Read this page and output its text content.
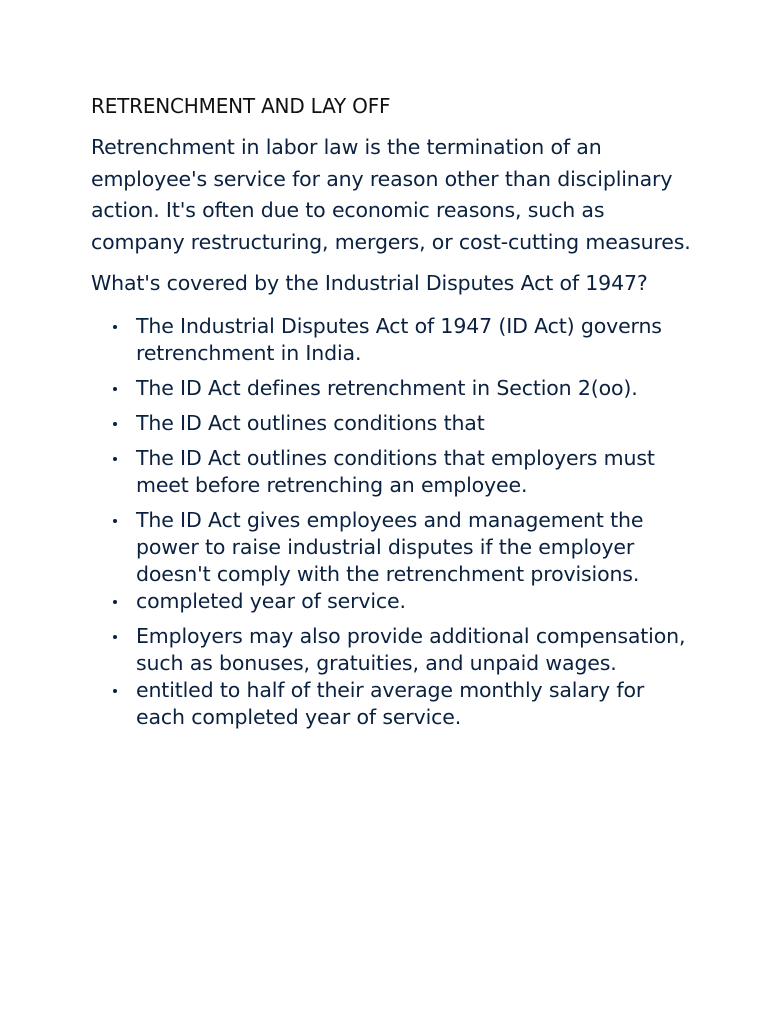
RETRENCHMENT AND LAY OFF

Retrenchment in labor law is the termination of an employee's service for any reason other than disciplinary action. It's often due to economic reasons, such as company restructuring, mergers, or cost-cutting measures.

What's covered by the Industrial Disputes Act of 1947?

The Industrial Disputes Act of 1947 (ID Act) governs retrenchment in India.
The ID Act defines retrenchment in Section 2(oo).
The ID Act outlines conditions that
The ID Act outlines conditions that employers must meet before retrenching an employee.
The ID Act gives employees and management the power to raise industrial disputes if the employer doesn't comply with the retrenchment provisions.
completed year of service.
Employers may also provide additional compensation, such as bonuses, gratuities, and unpaid wages.
entitled to half of their average monthly salary for each completed year of service.
